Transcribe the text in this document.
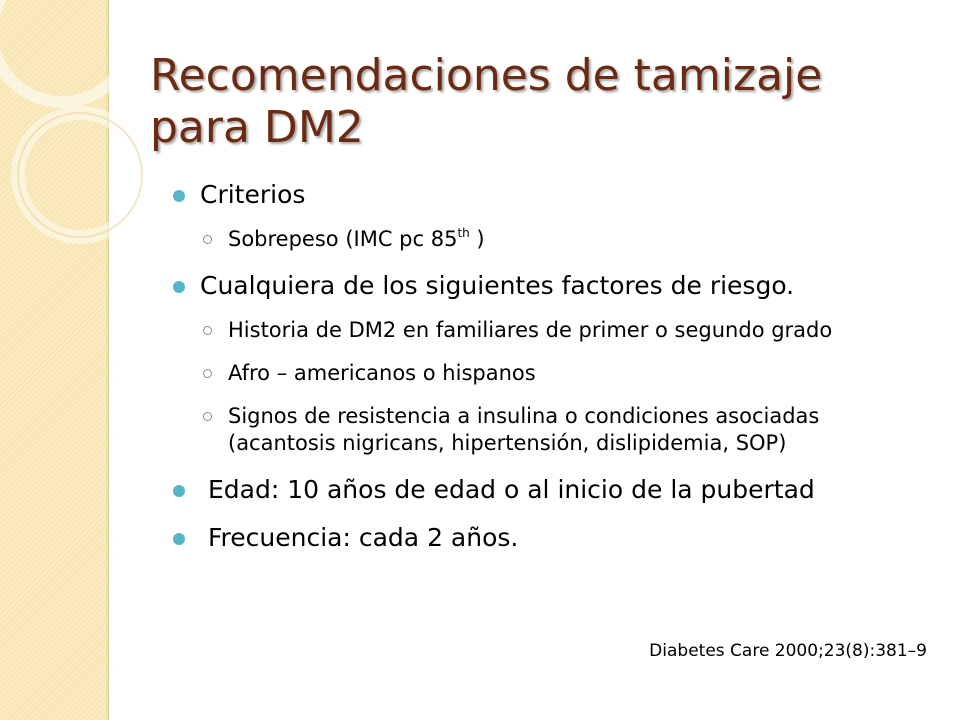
Recomendaciones de tamizaje para DM2
Criterios
Sobrepeso (IMC pc 85th )
Cualquiera de los siguientes factores de riesgo.
Historia de DM2 en familiares de primer o segundo grado
Afro – americanos o hispanos
Signos de resistencia a insulina o condiciones asociadas (acantosis nigricans, hipertensión, dislipidemia, SOP)
Edad: 10 años de edad o al inicio de la pubertad
Frecuencia: cada 2 años.
Diabetes Care 2000;23(8):381–9
